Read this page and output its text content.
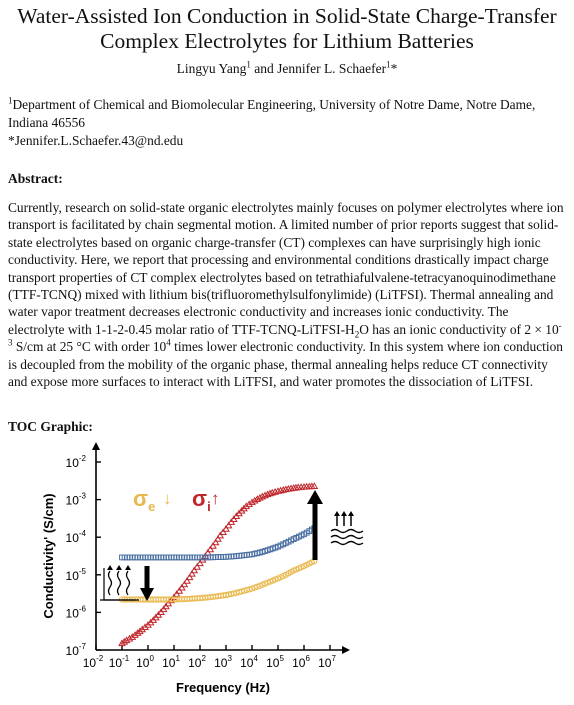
Water-Assisted Ion Conduction in Solid-State Charge-Transfer
Complex Electrolytes for Lithium Batteries
Lingyu Yang$^1$ and Jennifer L. Schaefer$^1$*
$^1$Department of Chemical and Biomolecular Engineering, University of Notre Dame, Notre Dame, Indiana 46556
*Jennifer.L.Schaefer.43@nd.edu
Abstract:
Currently, research on solid-state organic electrolytes mainly focuses on polymer electrolytes where ion transport is facilitated by chain segmental motion. A limited number of prior reports suggest that solid-state electrolytes based on organic charge-transfer (CT) complexes can have surprisingly high ionic conductivity. Here, we report that processing and environmental conditions drastically impact charge transport properties of CT complex electrolytes based on tetrathiafulvalene-tetracyanoquinodimethane (TTF-TCNQ) mixed with lithium bis(trifluoromethylsulfonylimide) (LiTFSI). Thermal annealing and water vapor treatment decreases electronic conductivity and increases ionic conductivity. The electrolyte with 1-1-2-0.45 molar ratio of TTF-$TCNQ-LiTFSI-H_2O$ has an ionic conductivity of $2 \times 10^{-3}$ S/cm at 25 °C with order $10^4$ times lower electronic conductivity. In this system where ion conduction is decoupled from the mobility of the organic phase, thermal annealing helps reduce CT connectivity and expose more surfaces to interact with LiTFSI, and water promotes the dissociation of LiTFSI.
TOC Graphic:
$10^{-2}$ $10^{-1}$ $10^0$ $10^1$ $10^2$ $10^3$ $10^4$ $10^5$ $10^6$ $10^7$
$10^{-7}$
$10^{-6}$
$10^{-5}$
$10^{-4}$
$10^{-3}$
$10^{-2}$
Frequency (Hz)
Conductivity' (S/cm)	$\sigma_e$ ↓ $\sigma_i$ ↑
